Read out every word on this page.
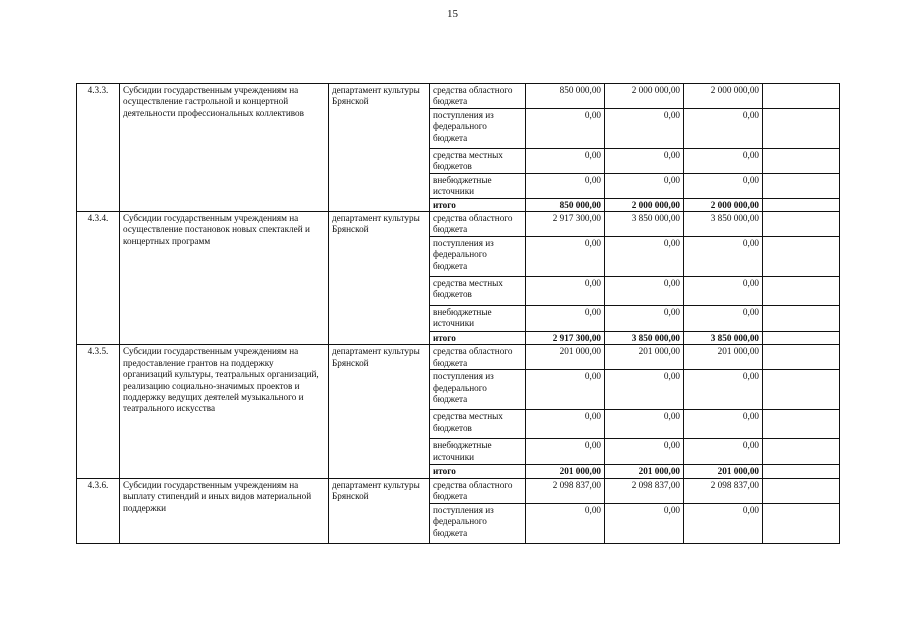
15
4.3.3.	Субсидии государственным учреждениям на осуществление гастрольной и концертной деятельности профессиональных коллективов	департамент культуры Брянской	средства областного бюджета	850 000,00	2 000 000,00	2 000 000,00	
			поступления из федерального бюджета	0,00	0,00	0,00	
			средства местных бюджетов	0,00	0,00	0,00	
			внебюджетные источники	0,00	0,00	0,00	
			итого	850 000,00	2 000 000,00	2 000 000,00	
4.3.4.	Субсидии государственным учреждениям на осуществление постановок новых спектаклей и концертных программ	департамент культуры Брянской	средства областного бюджета	2 917 300,00	3 850 000,00	3 850 000,00	
			поступления из федерального бюджета	0,00	0,00	0,00	
			средства местных бюджетов	0,00	0,00	0,00	
			внебюджетные источники	0,00	0,00	0,00	
			итого	2 917 300,00	3 850 000,00	3 850 000,00	
4.3.5.	Субсидии государственным учреждениям на предоставление грантов на поддержку организаций культуры, театральных организаций, реализацию социально-значимых проектов и поддержку ведущих деятелей музыкального и театрального искусства	департамент культуры Брянской	средства областного бюджета	201 000,00	201 000,00	201 000,00	
			поступления из федерального бюджета	0,00	0,00	0,00	
			средства местных бюджетов	0,00	0,00	0,00	
			внебюджетные источники	0,00	0,00	0,00	
			итого	201 000,00	201 000,00	201 000,00	
4.3.6.	Субсидии государственным учреждениям на выплату стипендий и иных видов материальной поддержки	департамент культуры Брянской	средства областного бюджета	2 098 837,00	2 098 837,00	2 098 837,00	
			поступления из федерального бюджета	0,00	0,00	0,00	
